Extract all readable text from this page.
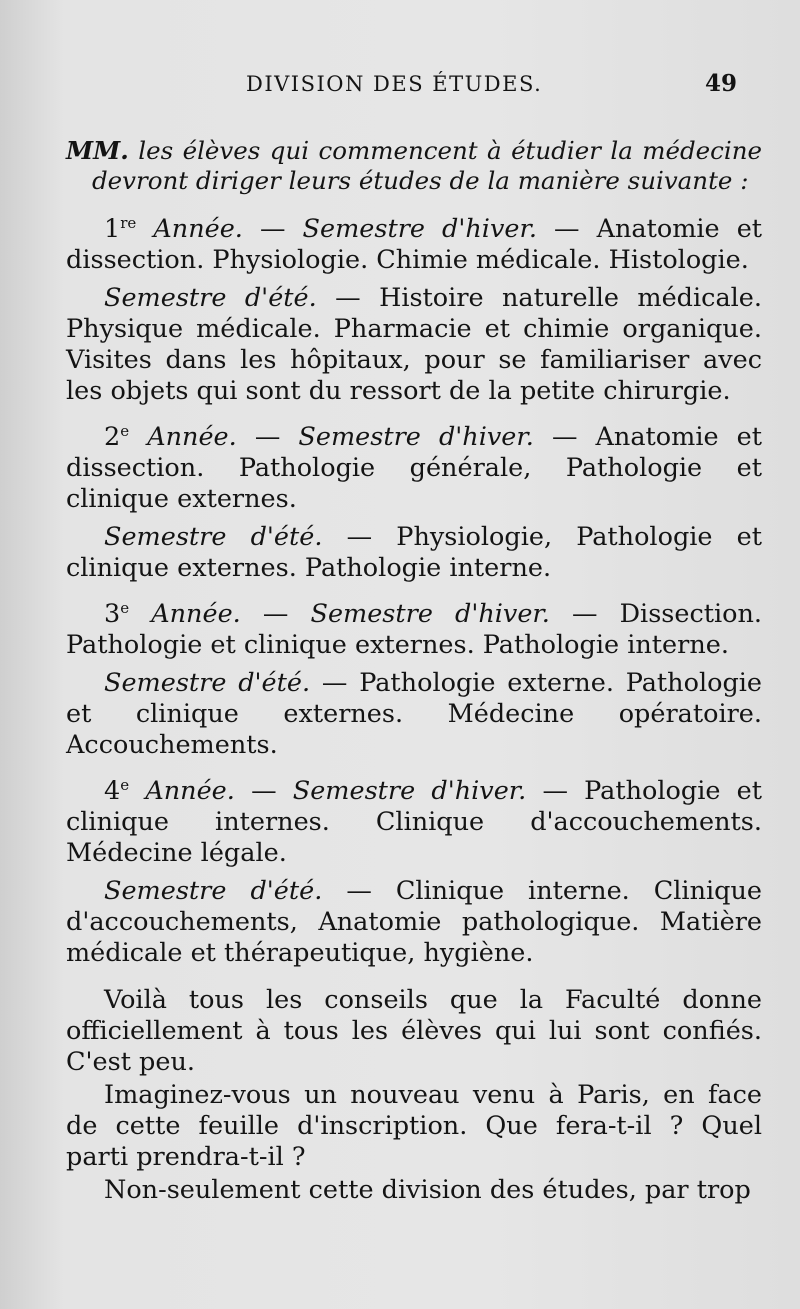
DIVISION DES ÉTUDES.	49

MM. les élèves qui commencent à étudier la médecine devront diriger leurs études de la manière suivante :

1re Année. — Semestre d'hiver. — Anatomie et dissection. Physiologie. Chimie médicale. Histologie.

Semestre d'été. — Histoire naturelle médicale. Physique médicale. Pharmacie et chimie organique. Visites dans les hôpitaux, pour se familiariser avec les objets qui sont du ressort de la petite chirurgie.

2e Année. — Semestre d'hiver. — Anatomie et dissection. Pathologie générale, Pathologie et clinique externes.

Semestre d'été. — Physiologie, Pathologie et clinique externes. Pathologie interne.

3e Année. — Semestre d'hiver. — Dissection. Pathologie et clinique externes. Pathologie interne.

Semestre d'été. — Pathologie externe. Pathologie et clinique externes. Médecine opératoire. Accouchements.

4e Année. — Semestre d'hiver. — Pathologie et clinique internes. Clinique d'accouchements. Médecine légale.

Semestre d'été. — Clinique interne. Clinique d'accouchements, Anatomie pathologique. Matière médicale et thérapeutique, hygiène.

Voilà tous les conseils que la Faculté donne officiellement à tous les élèves qui lui sont confiés. C'est peu.

Imaginez-vous un nouveau venu à Paris, en face de cette feuille d'inscription. Que fera-t-il ? Quel parti prendra-t-il ?

Non-seulement cette division des études, par trop
